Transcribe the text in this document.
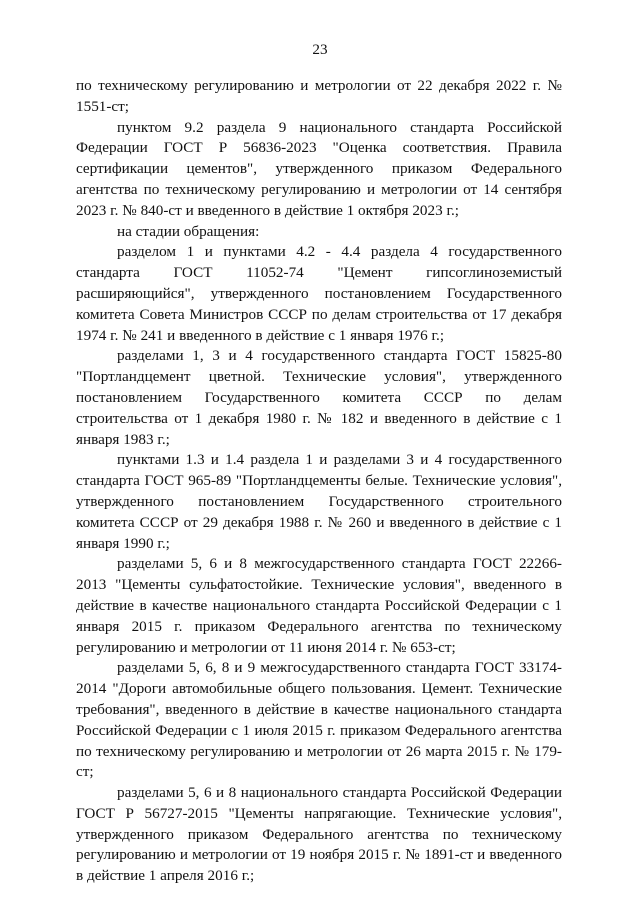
23

по техническому регулированию и метрологии от 22 декабря 2022 г. № 1551-ст;

пунктом 9.2 раздела 9 национального стандарта Российской Федерации ГОСТ Р 56836-2023 "Оценка соответствия. Правила сертификации цементов", утвержденного приказом Федерального агентства по техническому регулированию и метрологии от 14 сентября 2023 г. № 840-ст и введенного в действие 1 октября 2023 г.;

на стадии обращения:

разделом 1 и пунктами 4.2 - 4.4 раздела 4 государственного стандарта ГОСТ 11052-74 "Цемент гипсоглиноземистый расширяющийся", утвержденного постановлением Государственного комитета Совета Министров СССР по делам строительства от 17 декабря 1974 г. № 241 и введенного в действие с 1 января 1976 г.;

разделами 1, 3 и 4 государственного стандарта ГОСТ 15825-80 "Портландцемент цветной. Технические условия", утвержденного постановлением Государственного комитета СССР по делам строительства от 1 декабря 1980 г. № 182 и введенного в действие с 1 января 1983 г.;

пунктами 1.3 и 1.4 раздела 1 и разделами 3 и 4 государственного стандарта ГОСТ 965-89 "Портландцементы белые. Технические условия", утвержденного постановлением Государственного строительного комитета СССР от 29 декабря 1988 г. № 260 и введенного в действие с 1 января 1990 г.;

разделами 5, 6 и 8 межгосударственного стандарта ГОСТ 22266-2013 "Цементы сульфатостойкие. Технические условия", введенного в действие в качестве национального стандарта Российской Федерации с 1 января 2015 г. приказом Федерального агентства по техническому регулированию и метрологии от 11 июня 2014 г. № 653-ст;

разделами 5, 6, 8 и 9 межгосударственного стандарта ГОСТ 33174-2014 "Дороги автомобильные общего пользования. Цемент. Технические требования", введенного в действие в качестве национального стандарта Российской Федерации с 1 июля 2015 г. приказом Федерального агентства по техническому регулированию и метрологии от 26 марта 2015 г. № 179-ст;

разделами 5, 6 и 8 национального стандарта Российской Федерации ГОСТ Р 56727-2015 "Цементы напрягающие. Технические условия", утвержденного приказом Федерального агентства по техническому регулированию и метрологии от 19 ноября 2015 г. № 1891-ст и введенного в действие 1 апреля 2016 г.;
